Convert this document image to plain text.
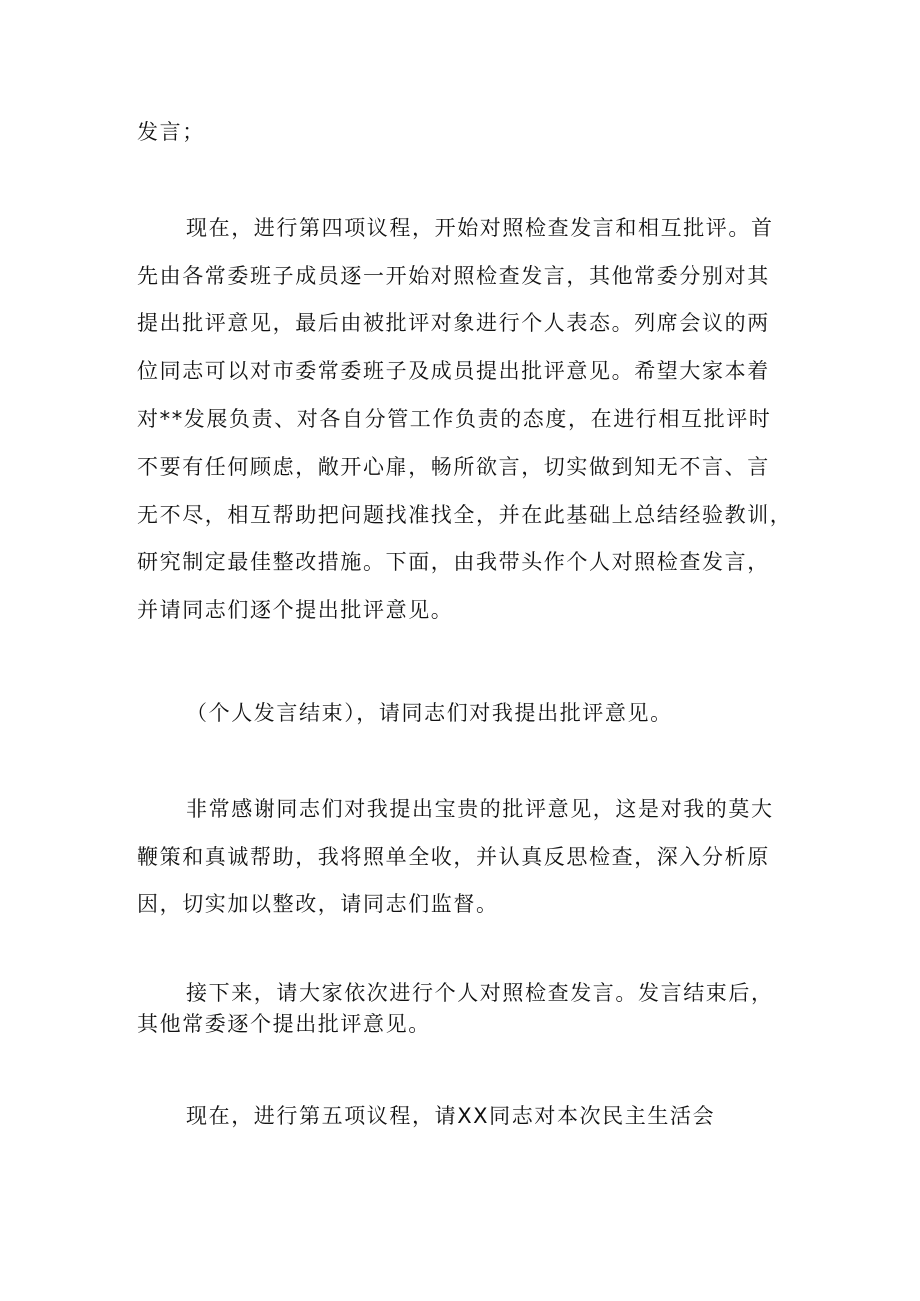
发言；
现在，进行第四项议程，开始对照检查发言和相互批评。首
先由各常委班子成员逐一开始对照检查发言，其他常委分别对其
提出批评意见，最后由被批评对象进行个人表态。列席会议的两
位同志可以对市委常委班子及成员提出批评意见。希望大家本着
对**发展负责、对各自分管工作负责的态度，在进行相互批评时
不要有任何顾虑，敞开心扉，畅所欲言，切实做到知无不言、言
无不尽，相互帮助把问题找准找全，并在此基础上总结经验教训，
研究制定最佳整改措施。下面，由我带头作个人对照检查发言，
并请同志们逐个提出批评意见。
（个人发言结束），请同志们对我提出批评意见。
非常感谢同志们对我提出宝贵的批评意见，这是对我的莫大
鞭策和真诚帮助，我将照单全收，并认真反思检查，深入分析原
因，切实加以整改，请同志们监督。
接下来，请大家依次进行个人对照检查发言。发言结束后，
其他常委逐个提出批评意见。
现在，进行第五项议程，请XX同志对本次民主生活会
